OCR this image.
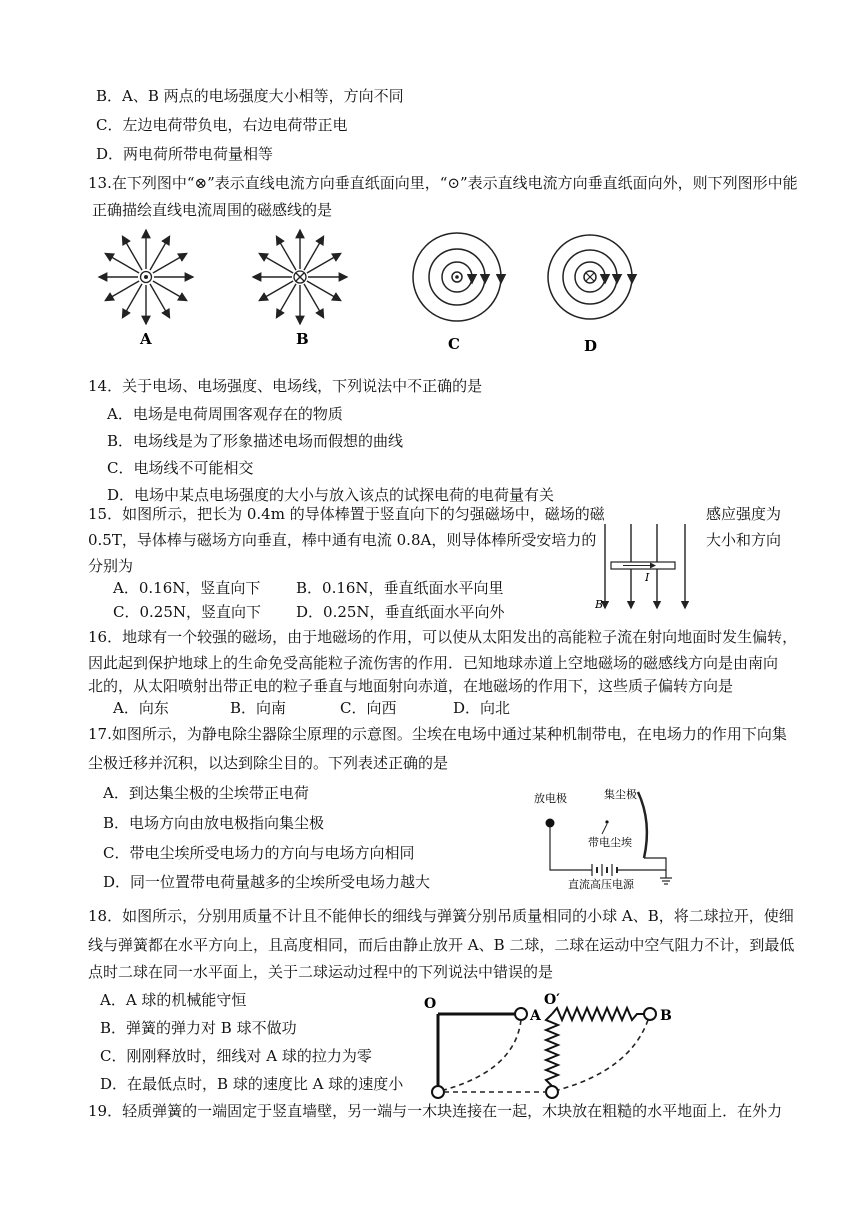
B．A、B 两点的电场强度大小相等，方向不同
C．左边电荷带负电，右边电荷带正电
D．两电荷所带电荷量相等
13.在下列图中“⊗”表示直线电流方向垂直纸面向里，“⊙”表示直线电流方向垂直纸面向外，则下列图形中能
正确描绘直线电流周围的磁感线的是
A	B	C	D
14．关于电场、电场强度、电场线，下列说法中不正确的是
A．电场是电荷周围客观存在的物质
B．电场线是为了形象描述电场而假想的曲线
C．电场线不可能相交
D．电场中某点电场强度的大小与放入该点的试探电荷的电荷量有关
15．如图所示，把长为 0.4m 的导体棒置于竖直向下的匀强磁场中，磁场的磁	感应强度为
0.5T，导体棒与磁场方向垂直，棒中通有电流 0.8A，则导体棒所受安培力的	大小和方向
分别为
A．0.16N，竖直向下 B．0.16N，垂直纸面水平向里
C．0.25N，竖直向下 D．0.25N，垂直纸面水平向外
I
B
16．地球有一个较强的磁场，由于地磁场的作用，可以使从太阳发出的高能粒子流在射向地面时发生偏转，
因此起到保护地球上的生命免受高能粒子流伤害的作用．已知地球赤道上空地磁场的磁感线方向是由南向
北的，从太阳喷射出带正电的粒子垂直与地面射向赤道，在地磁场的作用下，这些质子偏转方向是
A．向东	B．向南	C．向西	D．向北
17.如图所示，为静电除尘器除尘原理的示意图。尘埃在电场中通过某种机制带电，在电场力的作用下向集
尘极迁移并沉积，以达到除尘目的。下列表述正确的是
A．到达集尘极的尘埃带正电荷
B．电场方向由放电极指向集尘极
C．带电尘埃所受电场力的方向与电场方向相同
D．同一位置带电荷量越多的尘埃所受电场力越大
放电极	集尘极
带电尘埃
直流高压电源
18．如图所示，分别用质量不计且不能伸长的细线与弹簧分别吊质量相同的小球 A、B，将二球拉开，使细
线与弹簧都在水平方向上，且高度相同，而后由静止放开 A、B 二球，二球在运动中空气阻力不计，到最低
点时二球在同一水平面上，关于二球运动过程中的下列说法中错误的是
A．A 球的机械能守恒
B．弹簧的弹力对 B 球不做功
C．刚刚释放时，细线对 A 球的拉力为零
D．在最低点时，B 球的速度比 A 球的速度小
O	O′
A	B
19．轻质弹簧的一端固定于竖直墙壁，另一端与一木块连接在一起，木块放在粗糙的水平地面上．在外力
